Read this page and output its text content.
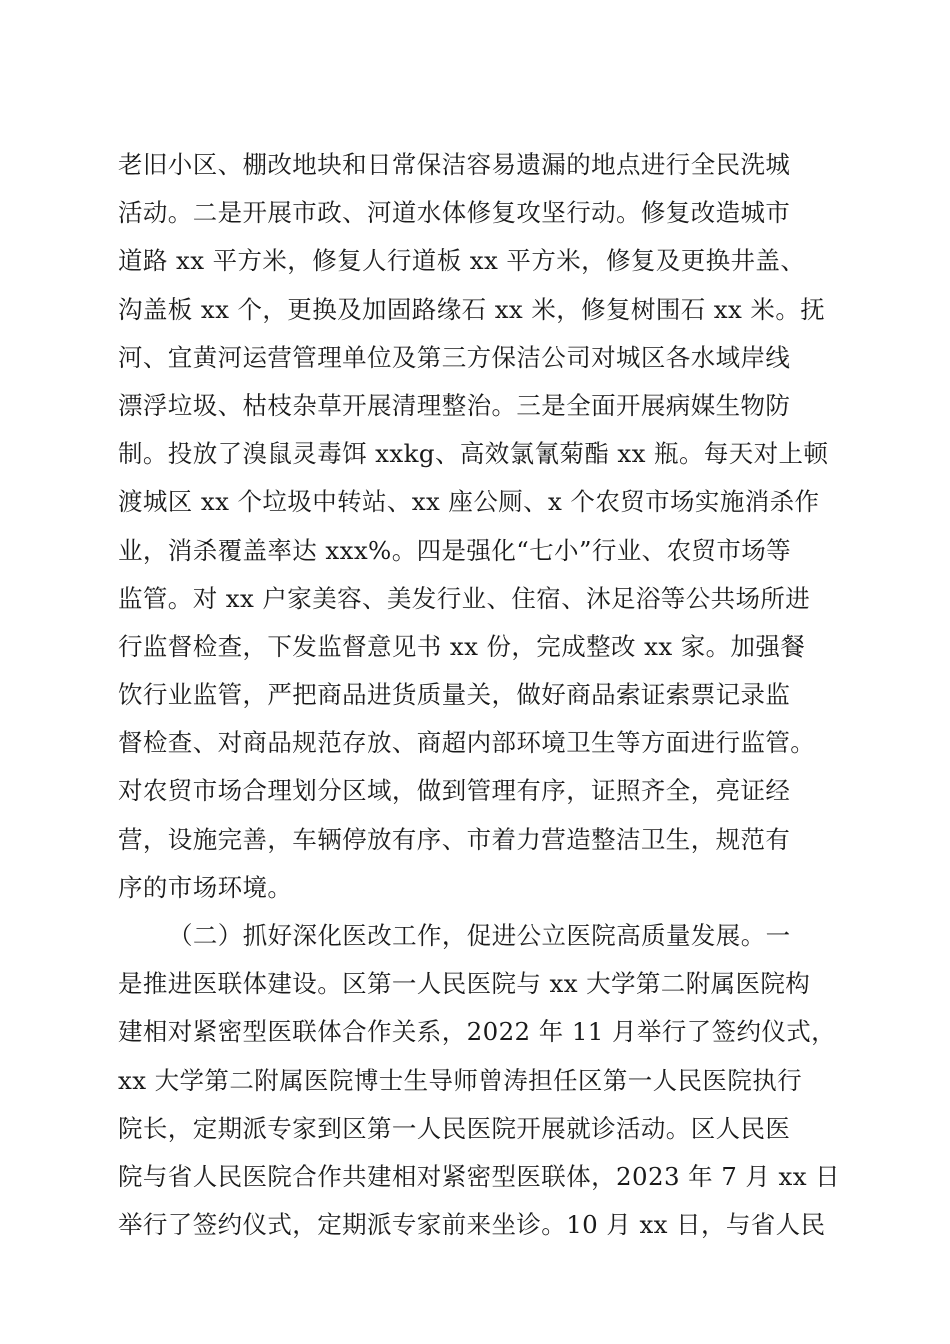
老旧小区、棚改地块和日常保洁容易遗漏的地点进行全民洗城
活动。二是开展市政、河道水体修复攻坚行动。修复改造城市
道路 xx 平方米，修复人行道板 xx 平方米，修复及更换井盖、
沟盖板 xx 个，更换及加固路缘石 xx 米，修复树围石 xx 米。抚
河、宜黄河运营管理单位及第三方保洁公司对城区各水域岸线
漂浮垃圾、枯枝杂草开展清理整治。三是全面开展病媒生物防
制。投放了溴鼠灵毒饵 xxkg、高效氯氰菊酯 xx 瓶。每天对上顿
渡城区 xx 个垃圾中转站、xx 座公厕、x 个农贸市场实施消杀作
业，消杀覆盖率达 xxx%。四是强化“七小”行业、农贸市场等
监管。对 xx 户家美容、美发行业、住宿、沐足浴等公共场所进
行监督检查，下发监督意见书 xx 份，完成整改 xx 家。加强餐
饮行业监管，严把商品进货质量关，做好商品索证索票记录监
督检查、对商品规范存放、商超内部环境卫生等方面进行监管。
对农贸市场合理划分区域，做到管理有序，证照齐全，亮证经
营，设施完善，车辆停放有序、市着力营造整洁卫生，规范有
序的市场环境。
（二）抓好深化医改工作，促进公立医院高质量发展。一
是推进医联体建设。区第一人民医院与 xx 大学第二附属医院构
建相对紧密型医联体合作关系，2022 年 11 月举行了签约仪式，
xx 大学第二附属医院博士生导师曾涛担任区第一人民医院执行
院长，定期派专家到区第一人民医院开展就诊活动。区人民医
院与省人民医院合作共建相对紧密型医联体，2023 年 7 月 xx 日
举行了签约仪式，定期派专家前来坐诊。10 月 xx 日，与省人民
